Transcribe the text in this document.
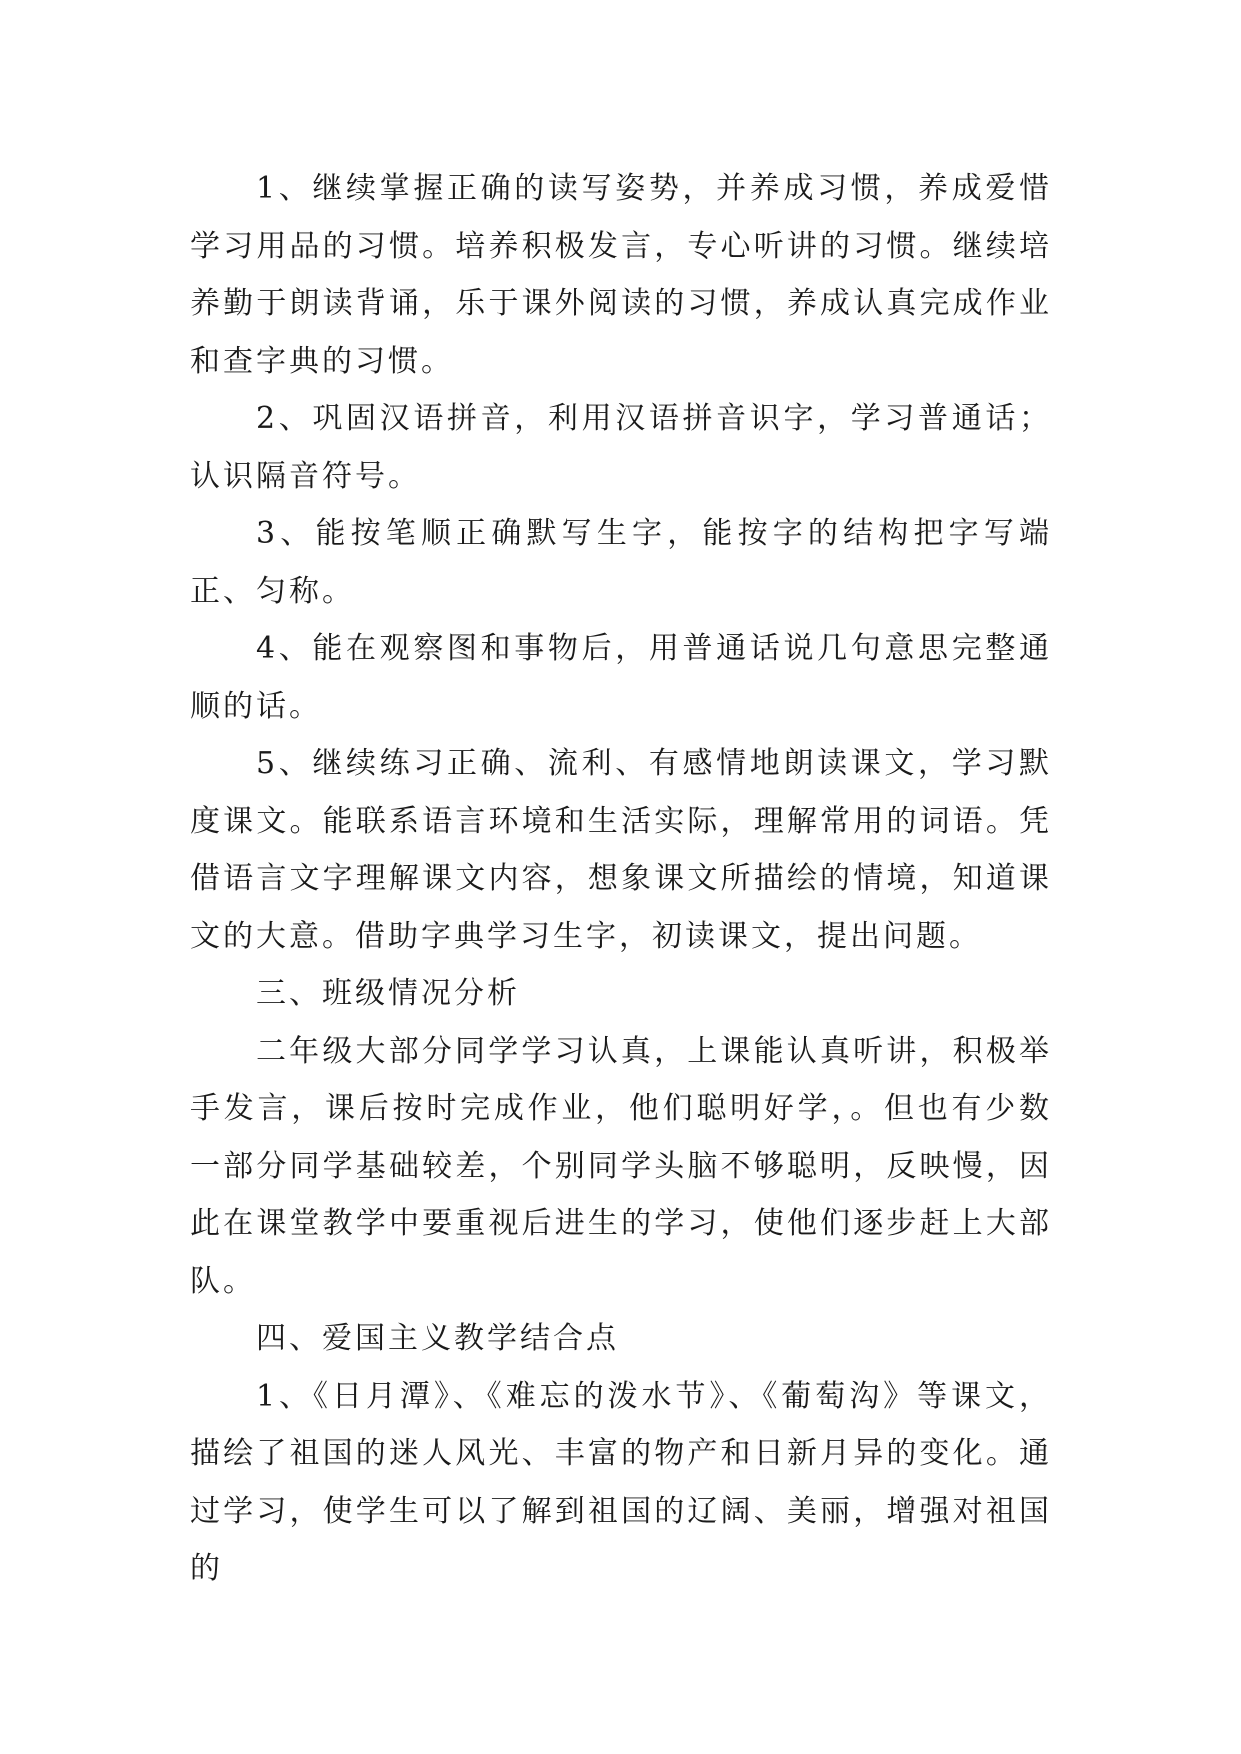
1、继续掌握正确的读写姿势，并养成习惯，养成爱惜学习用品的习惯。培养积极发言，专心听讲的习惯。继续培养勤于朗读背诵，乐于课外阅读的习惯，养成认真完成作业和查字典的习惯。

2、巩固汉语拼音，利用汉语拼音识字，学习普通话；认识隔音符号。

3、能按笔顺正确默写生字，能按字的结构把字写端正、匀称。

4、能在观察图和事物后，用普通话说几句意思完整通顺的话。

5、继续练习正确、流利、有感情地朗读课文，学习默度课文。能联系语言环境和生活实际，理解常用的词语。凭借语言文字理解课文内容，想象课文所描绘的情境，知道课文的大意。借助字典学习生字，初读课文，提出问题。

三、班级情况分析

二年级大部分同学学习认真，上课能认真听讲，积极举手发言，课后按时完成作业，他们聪明好学，。但也有少数一部分同学基础较差，个别同学头脑不够聪明，反映慢，因此在课堂教学中要重视后进生的学习，使他们逐步赶上大部队。

四、爱国主义教学结合点

1、《日月潭》、《难忘的泼水节》、《葡萄沟》等课文，描绘了祖国的迷人风光、丰富的物产和日新月异的变化。通过学习，使学生可以了解到祖国的辽阔、美丽，增强对祖国的
